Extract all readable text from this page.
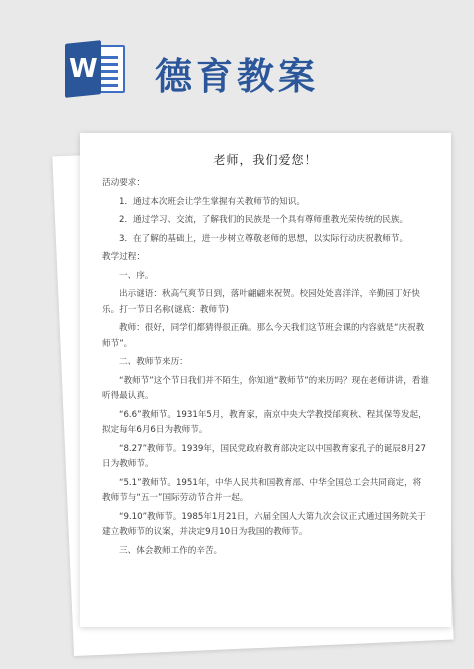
W 德育教案
老师，我们爱您！

活动要求：

1．通过本次班会让学生掌握有关教师节的知识。

2．通过学习、交流，了解我们的民族是一个具有尊师重教光荣传统的民族。

3．在了解的基础上，进一步树立尊敬老师的思想，以实际行动庆祝教师节。

教学过程：

一、序。

出示谜语：秋高气爽节日到，落叶翩翩来祝贺。校园处处喜洋洋，辛勤园丁好快乐。打一节日名称(谜底：教师节)

教师：很好，同学们都猜得很正确。那么今天我们这节班会课的内容就是“庆祝教师节”。

二、教师节来历：

“教师节”这个节日我们并不陌生，你知道“教师节”的来历吗？现在老师讲讲，看谁听得最认真。

“6.6”教师节。1931年5月，教育家，南京中央大学教授邰爽秋、程其保等发起，拟定每年6月6日为教师节。

“8.27”教师节。1939年，国民党政府教育部决定以中国教育家孔子的诞辰8月27日为教师节。

“5.1”教师节。1951年，中华人民共和国教育部、中华全国总工会共同商定，将教师节与“五一”国际劳动节合并一起。

“9.10”教师节。1985年1月21日，六届全国人大第九次会议正式通过国务院关于建立教师节的议案，并决定9月10日为我国的教师节。

三、体会教师工作的辛苦。
